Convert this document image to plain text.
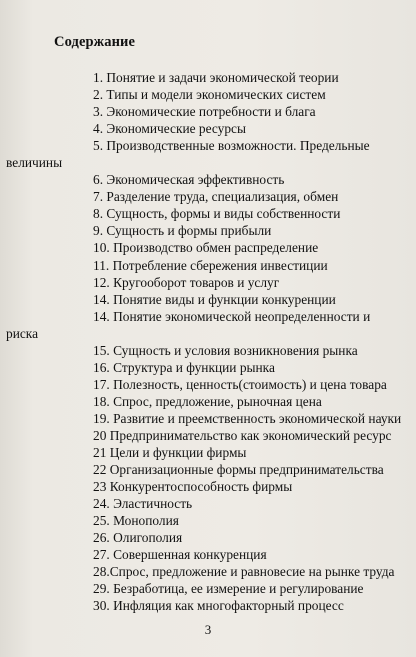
Содержание
1. Понятие и задачи экономической теории
2. Типы и модели экономических систем
3. Экономические потребности и блага
4. Экономические ресурсы
5. Производственные возможности. Предельные
величины
6. Экономическая эффективность
7. Разделение труда, специализация, обмен
8. Сущность, формы и виды собственности
9. Сущность и формы прибыли
10. Производство обмен распределение
11. Потребление сбережения инвестиции
12. Кругооборот товаров и услуг
14. Понятие виды и функции конкуренции
14. Понятие экономической неопределенности и
риска
15. Сущность и условия возникновения рынка
16. Структура и функции рынка
17. Полезность, ценность(стоимость) и цена товара
18. Спрос, предложение, рыночная цена
19. Развитие и преемственность экономической науки
20 Предпринимательство как экономический ресурс
21 Цели и функции фирмы
22 Организационные формы предпринимательства
23 Конкурентоспособность фирмы
24. Эластичность
25. Монополия
26. Олигополия
27. Совершенная конкуренция
28.Спрос, предложение и равновесие на рынке труда
29. Безработица, ее измерение и регулирование
30. Инфляция как многофакторный процесс
3
